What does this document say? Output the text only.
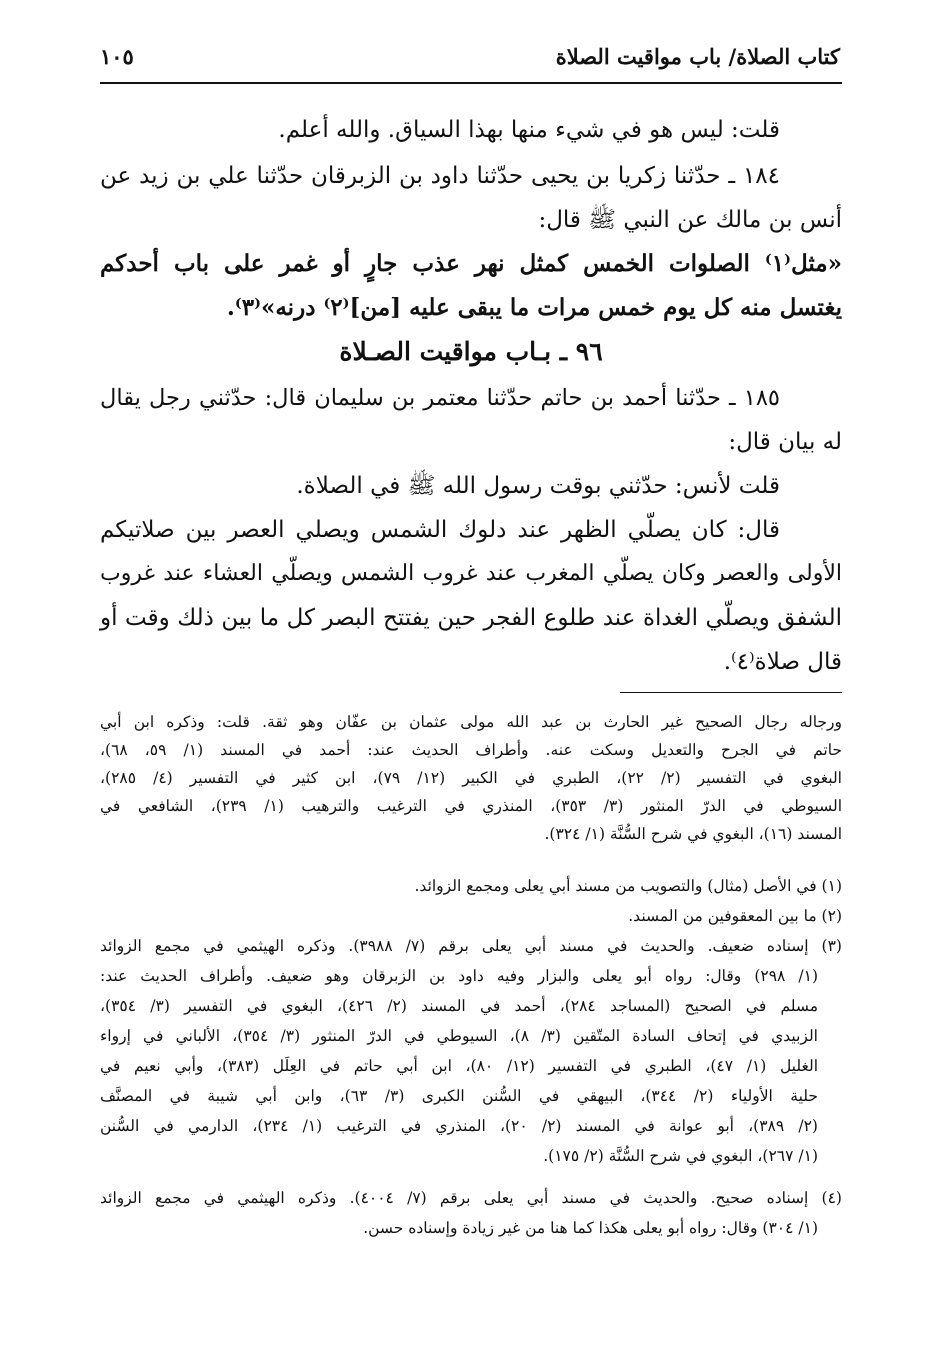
كتاب الصلاة/ باب مواقيت الصلاة
١٠٥
قلت: ليس هو في شيء منها بهذا السياق. والله أعلم.
١٨٤ ـ حدّثنا زكريا بن يحيى حدّثنا داود بن الزبرقان حدّثنا علي بن زيد عن
أنس بن مالك عن النبي ﷺ قال:
«مثل⁽١⁾ الصلوات الخمس كمثل نهر عذب جارٍ أو غمر على باب أحدكم
يغتسل منه كل يوم خمس مرات ما يبقى عليه [من]⁽٢⁾ درنه»⁽٣⁾.
٩٦ ـ بـاب مواقيت الصـلاة
١٨٥ ـ حدّثنا أحمد بن حاتم حدّثنا معتمر بن سليمان قال: حدّثني رجل يقال
له بيان قال:
قلت لأنس: حدّثني بوقت رسول الله ﷺ في الصلاة.
قال: كان يصلّي الظهر عند دلوك الشمس ويصلي العصر بين صلاتيكم
الأولى والعصر وكان يصلّي المغرب عند غروب الشمس ويصلّي العشاء عند غروب
الشفق ويصلّي الغداة عند طلوع الفجر حين يفتتح البصر كل ما بين ذلك وقت أو
قال صلاة⁽٤⁾.
ورجاله رجال الصحيح غير الحارث بن عبد الله مولى عثمان بن عفّان وهو ثقة. قلت: وذكره ابن أبي
حاتم في الجرح والتعديل وسكت عنه. وأطراف الحديث عند: أحمد في المسند (١/ ٥٩، ٦٨)،
البغوي في التفسير (٢/ ٢٢)، الطبري في الكبير (١٢/ ٧٩)، ابن كثير في التفسير (٤/ ٢٨٥)،
السيوطي في الدرّ المنثور (٣/ ٣٥٣)، المنذري في الترغيب والترهيب (١/ ٢٣٩)، الشافعي في
المسند (١٦)، البغوي في شرح السُّنَّة (١/ ٣٢٤).
(١) في الأصل (مثال) والتصويب من مسند أبي يعلى ومجمع الزوائد.
(٢) ما بين المعقوفين من المسند.
(٣) إسناده ضعيف. والحديث في مسند أبي يعلى برقم (٧/ ٣٩٨٨). وذكره الهيثمي في مجمع الزوائد
(١/ ٢٩٨) وقال: رواه أبو يعلى والبزار وفيه داود بن الزبرقان وهو ضعيف. وأطراف الحديث عند:
مسلم في الصحيح (المساجد ٢٨٤)، أحمد في المسند (٢/ ٤٢٦)، البغوي في التفسير (٣/ ٣٥٤)،
الزبيدي في إتحاف السادة المتّقين (٣/ ٨)، السيوطي في الدرّ المنثور (٣/ ٣٥٤)، الألباني في إرواء
الغليل (١/ ٤٧)، الطبري في التفسير (١٢/ ٨٠)، ابن أبي حاتم في العِلَل (٣٨٣)، وأبي نعيم في
حلية الأولياء (٢/ ٣٤٤)، البيهقي في السُّنن الكبرى (٣/ ٦٣)، وابن أبي شيبة في المصنَّف
(٢/ ٣٨٩)، أبو عوانة في المسند (٢/ ٢٠)، المنذري في الترغيب (١/ ٢٣٤)، الدارمي في السُّنن
(١/ ٢٦٧)، البغوي في شرح السُّنَّة (٢/ ١٧٥).
(٤) إسناده صحيح. والحديث في مسند أبي يعلى برقم (٧/ ٤٠٠٤). وذكره الهيثمي في مجمع الزوائد
(١/ ٣٠٤) وقال: رواه أبو يعلى هكذا كما هنا من غير زيادة وإسناده حسن.
